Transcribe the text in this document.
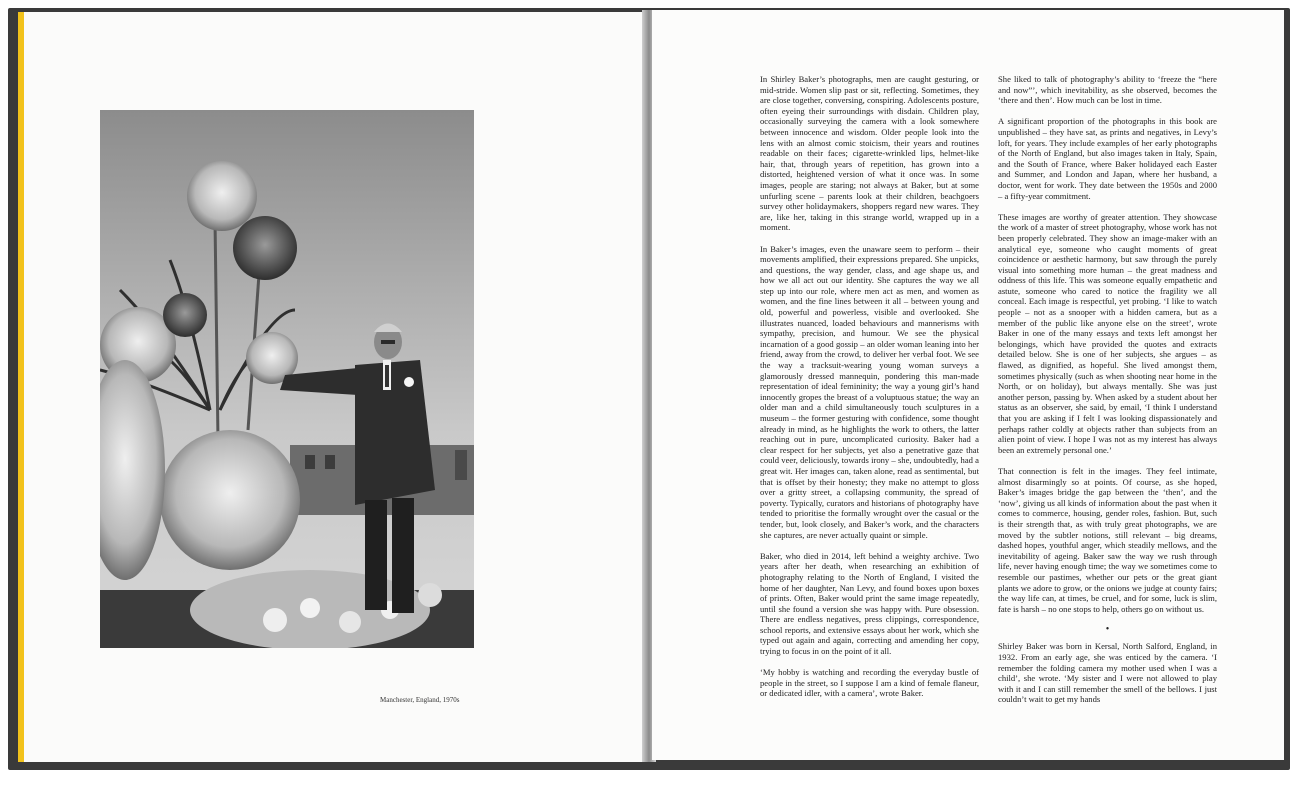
Manchester, England, 1970s

In Shirley Baker’s photographs, men are caught gesturing, or mid-stride. Women slip past or sit, reflecting. Sometimes, they are close together, conversing, conspiring. Adolescents posture, often eyeing their surroundings with disdain. Children play, occasionally surveying the camera with a look somewhere between innocence and wisdom. Older people look into the lens with an almost comic stoicism, their years and routines readable on their faces; cigarette-wrinkled lips, helmet-like hair, that, through years of repetition, has grown into a distorted, heightened version of what it once was. In some images, people are staring; not always at Baker, but at some unfurling scene – parents look at their children, beachgoers survey other holidaymakers, shoppers regard new wares. They are, like her, taking in this strange world, wrapped up in a moment.

In Baker’s images, even the unaware seem to perform – their movements amplified, their expressions prepared. She unpicks, and questions, the way gender, class, and age shape us, and how we all act out our identity. She captures the way we all step up into our role, where men act as men, and women as women, and the fine lines between it all – between young and old, powerful and powerless, visible and overlooked. She illustrates nuanced, loaded behaviours and mannerisms with sympathy, precision, and humour. We see the physical incarnation of a good gossip – an older woman leaning into her friend, away from the crowd, to deliver her verbal foot. We see the way a tracksuit-wearing young woman surveys a glamorously dressed mannequin, pondering this man-made representation of ideal femininity; the way a young girl’s hand innocently gropes the breast of a voluptuous statue; the way an older man and a child simultaneously touch sculptures in a museum – the former gesturing with confidence, some thought already in mind, as he highlights the work to others, the latter reaching out in pure, uncomplicated curiosity. Baker had a clear respect for her subjects, yet also a penetrative gaze that could veer, deliciously, towards irony – she, undoubtedly, had a great wit. Her images can, taken alone, read as sentimental, but that is offset by their honesty; they make no attempt to gloss over a gritty street, a collapsing community, the spread of poverty. Typically, curators and historians of photography have tended to prioritise the formally wrought over the casual or the tender, but, look closely, and Baker’s work, and the characters she captures, are never actually quaint or simple.

Baker, who died in 2014, left behind a weighty archive. Two years after her death, when researching an exhibition of photography relating to the North of England, I visited the home of her daughter, Nan Levy, and found boxes upon boxes of prints. Often, Baker would print the same image repeatedly, until she found a version she was happy with. Pure obsession. There are endless negatives, press clippings, correspondence, school reports, and extensive essays about her work, which she typed out again and again, correcting and amending her copy, trying to focus in on the point of it all.

‘My hobby is watching and recording the everyday bustle of people in the street, so I suppose I am a kind of female flaneur, or dedicated idler, with a camera’, wrote Baker.

She liked to talk of photography’s ability to ‘freeze the “here and now”’, which inevitability, as she observed, becomes the ‘there and then’. How much can be lost in time.

A significant proportion of the photographs in this book are unpublished – they have sat, as prints and negatives, in Levy’s loft, for years. They include examples of her early photographs of the North of England, but also images taken in Italy, Spain, and the South of France, where Baker holidayed each Easter and Summer, and London and Japan, where her husband, a doctor, went for work. They date between the 1950s and 2000 – a fifty-year commitment.

These images are worthy of greater attention. They showcase the work of a master of street photography, whose work has not been properly celebrated. They show an image-maker with an analytical eye, someone who caught moments of great coincidence or aesthetic harmony, but saw through the purely visual into something more human – the great madness and oddness of this life. This was someone equally empathetic and astute, someone who cared to notice the fragility we all conceal. Each image is respectful, yet probing. ‘I like to watch people – not as a snooper with a hidden camera, but as a member of the public like anyone else on the street’, wrote Baker in one of the many essays and texts left amongst her belongings, which have provided the quotes and extracts detailed below. She is one of her subjects, she argues – as flawed, as dignified, as hopeful. She lived amongst them, sometimes physically (such as when shooting near home in the North, or on holiday), but always mentally. She was just another person, passing by. When asked by a student about her status as an observer, she said, by email, ‘I think I understand that you are asking if I felt I was looking dispassionately and perhaps rather coldly at objects rather than subjects from an alien point of view. I hope I was not as my interest has always been an extremely personal one.’

That connection is felt in the images. They feel intimate, almost disarmingly so at points. Of course, as she hoped, Baker’s images bridge the gap between the ‘then’, and the ‘now’, giving us all kinds of information about the past when it comes to commerce, housing, gender roles, fashion. But, such is their strength that, as with truly great photographs, we are moved by the subtler notions, still relevant – big dreams, dashed hopes, youthful anger, which steadily mellows, and the inevitability of ageing. Baker saw the way we rush through life, never having enough time; the way we sometimes come to resemble our pastimes, whether our pets or the great giant plants we adore to grow, or the onions we judge at county fairs; the way life can, at times, be cruel, and for some, luck is slim, fate is harsh – no one stops to help, others go on without us.

•

Shirley Baker was born in Kersal, North Salford, England, in 1932. From an early age, she was enticed by the camera. ‘I remember the folding camera my mother used when I was a child’, she wrote. ‘My sister and I were not allowed to play with it and I can still remember the smell of the bellows. I just couldn’t wait to get my hands
